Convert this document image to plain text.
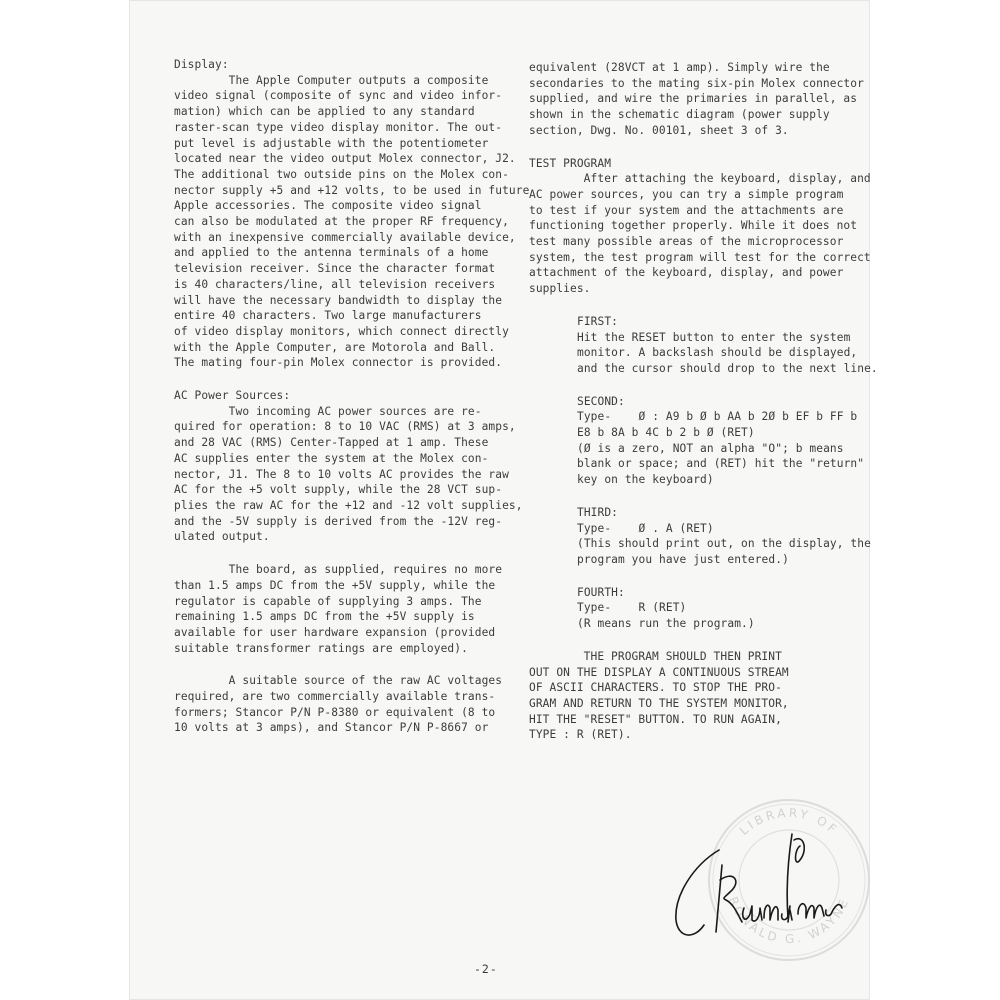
Display:
The Apple Computer outputs a composite
video signal (composite of sync and video infor-
mation) which can be applied to any standard
raster-scan type video display monitor. The out-
put level is adjustable with the potentiometer
located near the video output Molex connector, J2.
The additional two outside pins on the Molex con-
nector supply +5 and +12 volts, to be used in future
Apple accessories. The composite video signal
can also be modulated at the proper RF frequency,
with an inexpensive commercially available device,
and applied to the antenna terminals of a home
television receiver. Since the character format
is 40 characters/line, all television receivers
will have the necessary bandwidth to display the
entire 40 characters. Two large manufacturers
of video display monitors, which connect directly
with the Apple Computer, are Motorola and Ball.
The mating four-pin Molex connector is provided.
AC Power Sources:
Two incoming AC power sources are re-
quired for operation: 8 to 10 VAC (RMS) at 3 amps,
and 28 VAC (RMS) Center-Tapped at 1 amp. These
AC supplies enter the system at the Molex con-
nector, J1. The 8 to 10 volts AC provides the raw
AC for the +5 volt supply, while the 28 VCT sup-
plies the raw AC for the +12 and -12 volt supplies,
and the -5V supply is derived from the -12V reg-
ulated output.
The board, as supplied, requires no more
than 1.5 amps DC from the +5V supply, while the
regulator is capable of supplying 3 amps. The
remaining 1.5 amps DC from the +5V supply is
available for user hardware expansion (provided
suitable transformer ratings are employed).
A suitable source of the raw AC voltages
required, are two commercially available trans-
formers; Stancor P/N P-8380 or equivalent (8 to
10 volts at 3 amps), and Stancor P/N P-8667 or
equivalent (28VCT at 1 amp). Simply wire the
secondaries to the mating six-pin Molex connector
supplied, and wire the primaries in parallel, as
shown in the schematic diagram (power supply
section, Dwg. No. 00101, sheet 3 of 3.
TEST PROGRAM
After attaching the keyboard, display, and
AC power sources, you can try a simple program
to test if your system and the attachments are
functioning together properly. While it does not
test many possible areas of the microprocessor
system, the test program will test for the correct
attachment of the keyboard, display, and power
supplies.
FIRST:
Hit the RESET button to enter the system
monitor. A backslash should be displayed,
and the cursor should drop to the next line.
SECOND:
Type-    Ø : A9 b Ø b AA b 2Ø b EF b FF b
E8 b 8A b 4C b 2 b Ø (RET)
(Ø is a zero, NOT an alpha "O"; b means
blank or space; and (RET) hit the "return"
key on the keyboard)
THIRD:
Type-    Ø . A (RET)
(This should print out, on the display, the
program you have just entered.)
FOURTH:
Type-    R (RET)
(R means run the program.)
THE PROGRAM SHOULD THEN PRINT
OUT ON THE DISPLAY A CONTINUOUS STREAM
OF ASCII CHARACTERS. TO STOP THE PRO-
GRAM AND RETURN TO THE SYSTEM MONITOR,
HIT THE "RESET" BUTTON. TO RUN AGAIN,
TYPE : R (RET).
LIBRARY OF
RONALD G. WAYNE
-2-
